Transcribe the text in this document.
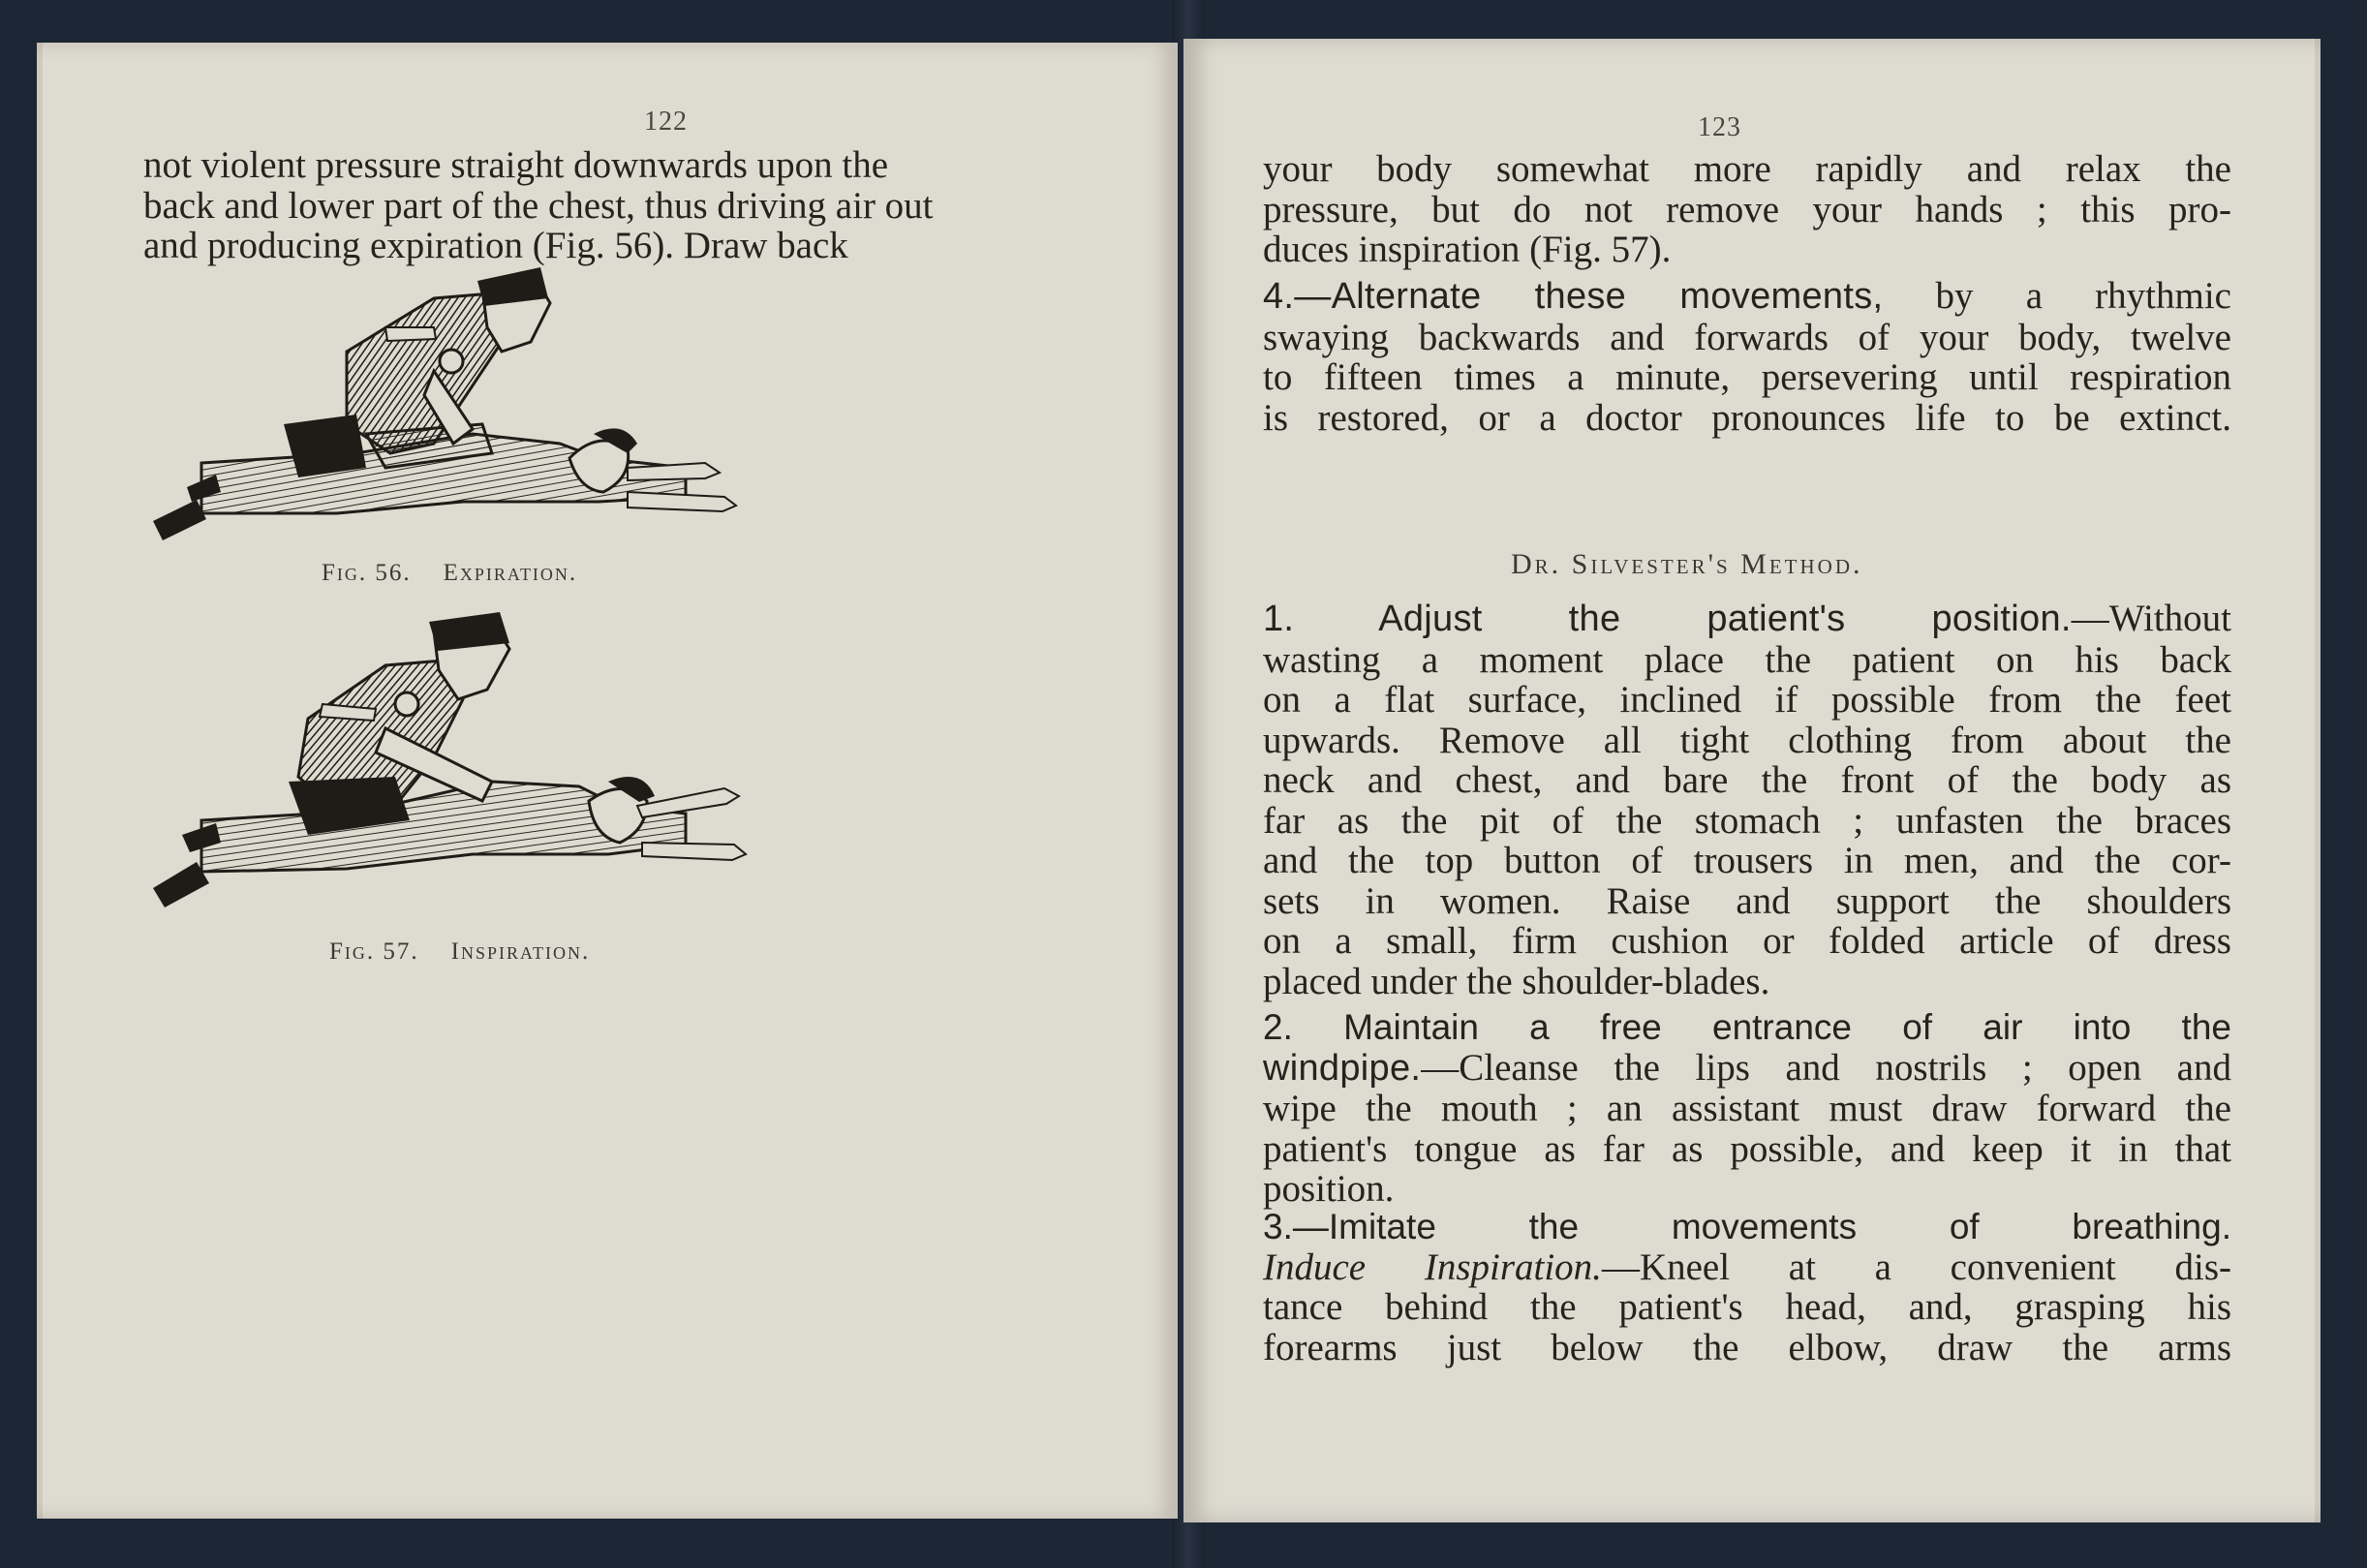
122
not violent pressure straight downwards upon the
back and lower part of the chest, thus driving air out
and producing expiration (Fig. 56). Draw back
Fig. 56. Expiration.
Fig. 57. Inspiration.
123
your body somewhat more rapidly and relax the
pressure, but do not remove your hands ; this pro-
duces inspiration (Fig. 57).
4.—Alternate these movements, by a rhythmic
swaying backwards and forwards of your body, twelve
to fifteen times a minute, persevering until respiration
is restored, or a doctor pronounces life to be extinct.
Dr. Silvester's Method.
1. Adjust the patient's position.—Without
wasting a moment place the patient on his back
on a flat surface, inclined if possible from the feet
upwards. Remove all tight clothing from about the
neck and chest, and bare the front of the body as
far as the pit of the stomach ; unfasten the braces
and the top button of trousers in men, and the cor-
sets in women. Raise and support the shoulders
on a small, firm cushion or folded article of dress
placed under the shoulder-blades.
2. Maintain a free entrance of air into the
windpipe.—Cleanse the lips and nostrils ; open and
wipe the mouth ; an assistant must draw forward the
patient's tongue as far as possible, and keep it in that
position.
3.—Imitate the movements of breathing.
Induce Inspiration.—Kneel at a convenient dis-
tance behind the patient's head, and, grasping his
forearms just below the elbow, draw the arms
